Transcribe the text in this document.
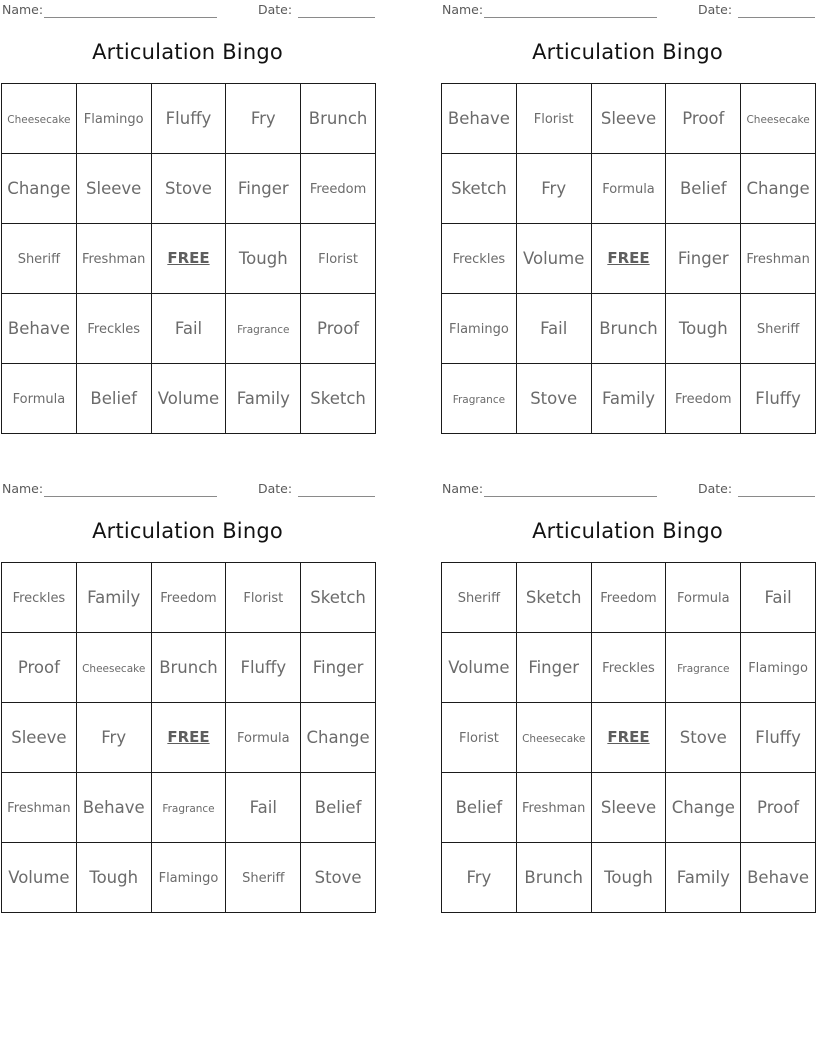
Name:	Date:
Articulation Bingo
Cheesecake	Flamingo	Fluffy	Fry	Brunch
Change	Sleeve	Stove	Finger	Freedom
Sheriff	Freshman	FREE	Tough	Florist
Behave	Freckles	Fail	Fragrance	Proof
Formula	Belief	Volume	Family	Sketch
Name:	Date:
Articulation Bingo
Behave	Florist	Sleeve	Proof	Cheesecake
Sketch	Fry	Formula	Belief	Change
Freckles	Volume	FREE	Finger	Freshman
Flamingo	Fail	Brunch	Tough	Sheriff
Fragrance	Stove	Family	Freedom	Fluffy
Name:	Date:
Articulation Bingo
Freckles	Family	Freedom	Florist	Sketch
Proof	Cheesecake	Brunch	Fluffy	Finger
Sleeve	Fry	FREE	Formula	Change
Freshman	Behave	Fragrance	Fail	Belief
Volume	Tough	Flamingo	Sheriff	Stove
Name:	Date:
Articulation Bingo
Sheriff	Sketch	Freedom	Formula	Fail
Volume	Finger	Freckles	Fragrance	Flamingo
Florist	Cheesecake	FREE	Stove	Fluffy
Belief	Freshman	Sleeve	Change	Proof
Fry	Brunch	Tough	Family	Behave
